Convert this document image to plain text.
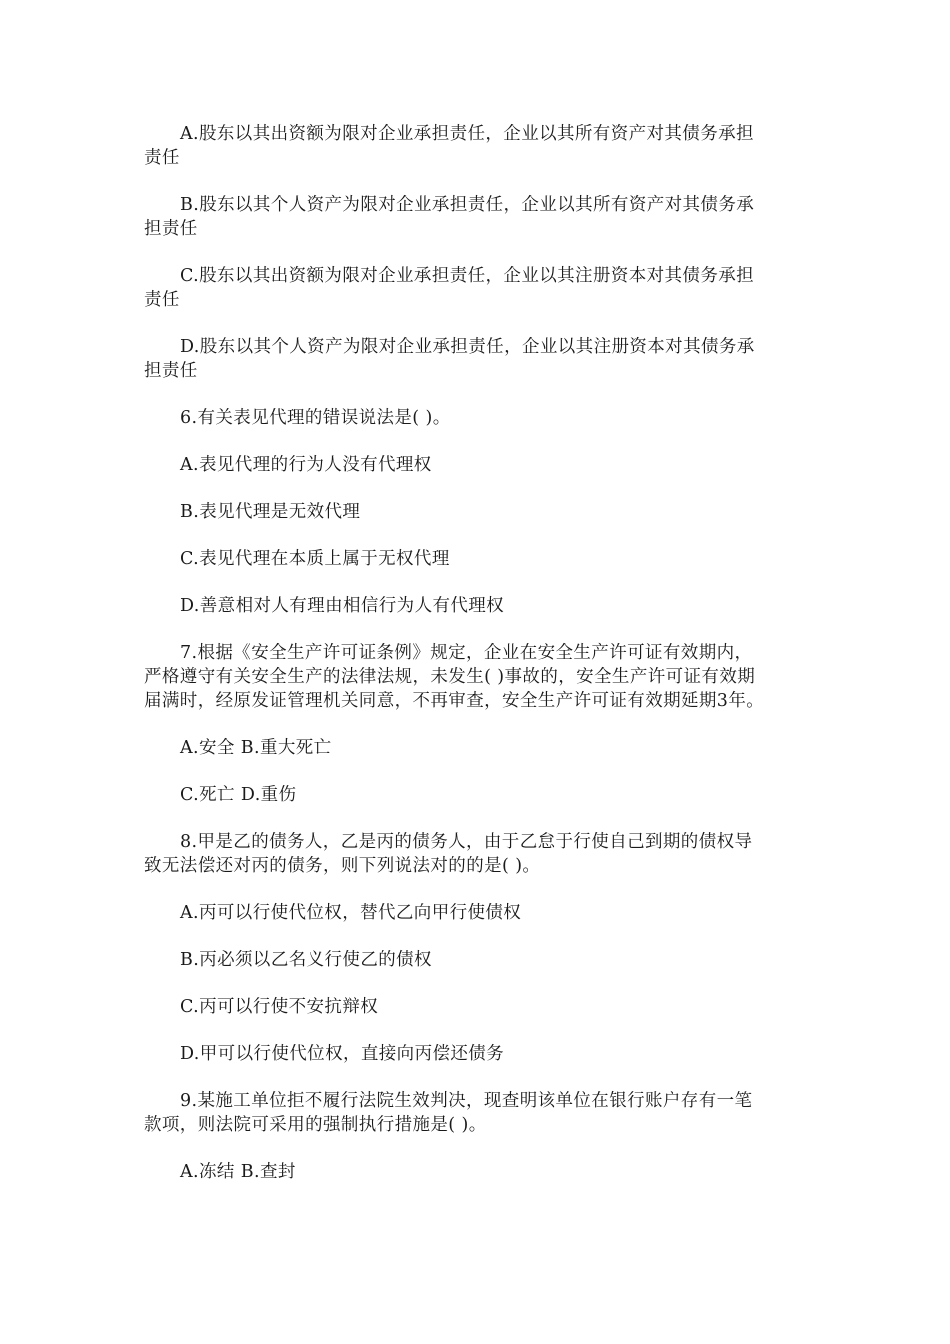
A.股东以其出资额为限对企业承担责任，企业以其所有资产对其债务承担
责任

B.股东以其个人资产为限对企业承担责任，企业以其所有资产对其债务承
担责任

C.股东以其出资额为限对企业承担责任，企业以其注册资本对其债务承担
责任

D.股东以其个人资产为限对企业承担责任，企业以其注册资本对其债务承
担责任

6.有关表见代理的错误说法是( )。

A.表见代理的行为人没有代理权

B.表见代理是无效代理

C.表见代理在本质上属于无权代理

D.善意相对人有理由相信行为人有代理权

7.根据《安全生产许可证条例》规定，企业在安全生产许可证有效期内，
严格遵守有关安全生产的法律法规，未发生( )事故的，安全生产许可证有效期
届满时，经原发证管理机关同意，不再审查，安全生产许可证有效期延期3年。

A.安全 B.重大死亡

C.死亡 D.重伤

8.甲是乙的债务人，乙是丙的债务人，由于乙怠于行使自己到期的债权导
致无法偿还对丙的债务，则下列说法对的的是( )。

A.丙可以行使代位权，替代乙向甲行使债权

B.丙必须以乙名义行使乙的债权

C.丙可以行使不安抗辩权

D.甲可以行使代位权，直接向丙偿还债务

9.某施工单位拒不履行法院生效判决，现查明该单位在银行账户存有一笔
款项，则法院可采用的强制执行措施是( )。

A.冻结 B.查封
